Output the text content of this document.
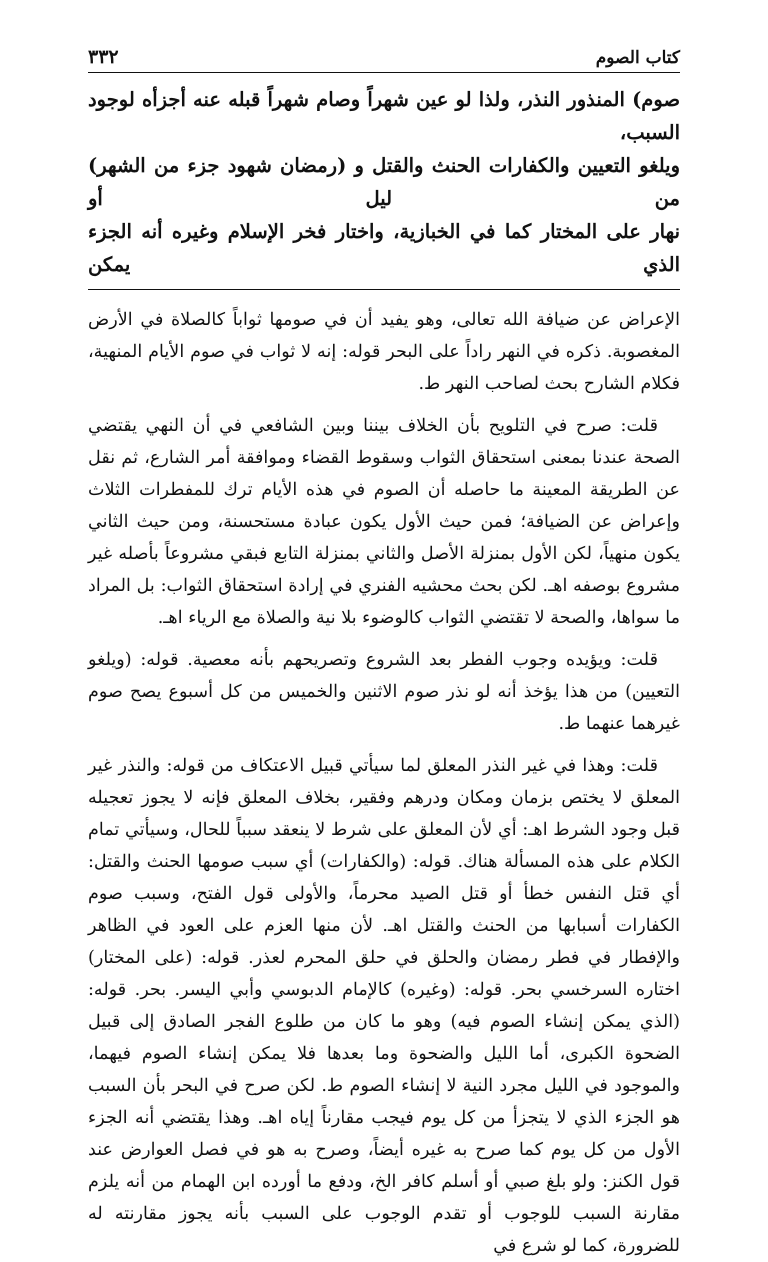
كتاب الصوم
٣٣٢

صوم) المنذور النذر، ولذا لو عين شهراً وصام شهراً قبله عنه أجزأه لوجود السبب،

ويلغو التعيين والكفارات الحنث والقتل و (رمضان شهود جزء من الشهر) من ليل أو

نهار على المختار كما في الخبازية، واختار فخر الإسلام وغيره أنه الجزء الذي يمكن

الإعراض عن ضيافة الله تعالى، وهو يفيد أن في صومها ثواباً كالصلاة في الأرض المغصوبة. ذكره في النهر راداً على البحر قوله: إنه لا ثواب في صوم الأيام المنهية، فكلام الشارح بحث لصاحب النهر ط.

قلت: صرح في التلويح بأن الخلاف بيننا وبين الشافعي في أن النهي يقتضي الصحة عندنا بمعنى استحقاق الثواب وسقوط القضاء وموافقة أمر الشارع، ثم نقل عن الطريقة المعينة ما حاصله أن الصوم في هذه الأيام ترك للمفطرات الثلاث وإعراض عن الضيافة؛ فمن حيث الأول يكون عبادة مستحسنة، ومن حيث الثاني يكون منهياً، لكن الأول بمنزلة الأصل والثاني بمنزلة التابع فبقي مشروعاً بأصله غير مشروع بوصفه اهـ. لكن بحث محشيه الفنري في إرادة استحقاق الثواب: بل المراد ما سواها، والصحة لا تقتضي الثواب كالوضوء بلا نية والصلاة مع الرياء اهـ.

قلت: ويؤيده وجوب الفطر بعد الشروع وتصريحهم بأنه معصية. قوله: (ويلغو التعيين) من هذا يؤخذ أنه لو نذر صوم الاثنين والخميس من كل أسبوع يصح صوم غيرهما عنهما ط.

قلت: وهذا في غير النذر المعلق لما سيأتي قبيل الاعتكاف من قوله: والنذر غير المعلق لا يختص بزمان ومكان ودرهم وفقير، بخلاف المعلق فإنه لا يجوز تعجيله قبل وجود الشرط اهـ: أي لأن المعلق على شرط لا ينعقد سبباً للحال، وسيأتي تمام الكلام على هذه المسألة هناك. قوله: (والكفارات) أي سبب صومها الحنث والقتل: أي قتل النفس خطأ أو قتل الصيد محرماً، والأولى قول الفتح، وسبب صوم الكفارات أسبابها من الحنث والقتل اهـ. لأن منها العزم على العود في الظاهر والإفطار في فطر رمضان والحلق في حلق المحرم لعذر. قوله: (على المختار) اختاره السرخسي بحر. قوله: (وغيره) كالإمام الدبوسي وأبي اليسر. بحر. قوله: (الذي يمكن إنشاء الصوم فيه) وهو ما كان من طلوع الفجر الصادق إلى قبيل الضحوة الكبرى، أما الليل والضحوة وما بعدها فلا يمكن إنشاء الصوم فيهما، والموجود في الليل مجرد النية لا إنشاء الصوم ط. لكن صرح في البحر بأن السبب هو الجزء الذي لا يتجزأ من كل يوم فيجب مقارناً إياه اهـ. وهذا يقتضي أنه الجزء الأول من كل يوم كما صرح به غيره أيضاً، وصرح به هو في فصل العوارض عند قول الكنز: ولو بلغ صبي أو أسلم كافر الخ، ودفع ما أورده ابن الهمام من أنه يلزم مقارنة السبب للوجوب أو تقدم الوجوب على السبب بأنه يجوز مقارنته له للضرورة، كما لو شرع في
